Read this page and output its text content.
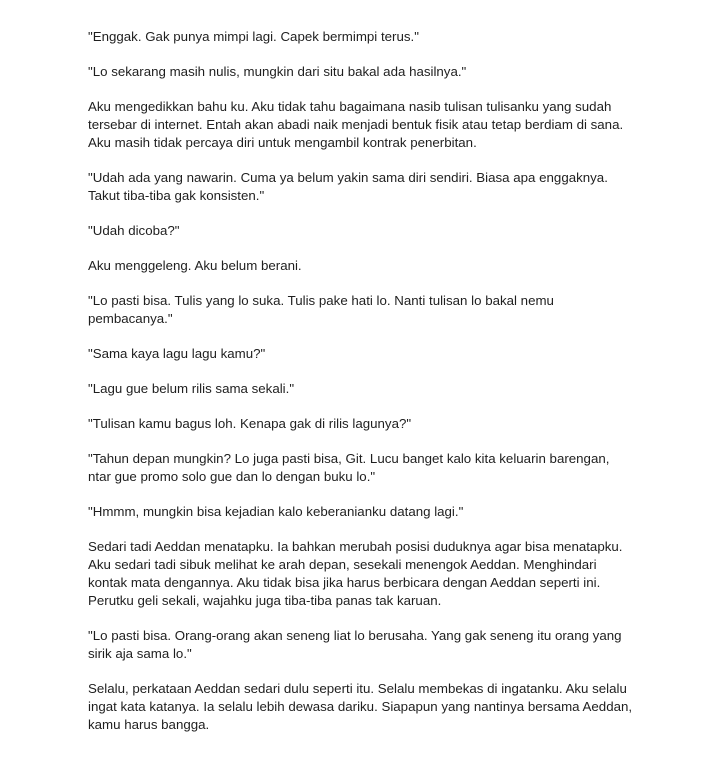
"Enggak. Gak punya mimpi lagi. Capek bermimpi terus."

"Lo sekarang masih nulis, mungkin dari situ bakal ada hasilnya."

Aku mengedikkan bahu ku. Aku tidak tahu bagaimana nasib tulisan tulisanku yang sudah
tersebar di internet. Entah akan abadi naik menjadi bentuk fisik atau tetap berdiam di sana.
Aku masih tidak percaya diri untuk mengambil kontrak penerbitan.

"Udah ada yang nawarin. Cuma ya belum yakin sama diri sendiri. Biasa apa enggaknya.
Takut tiba-tiba gak konsisten."

"Udah dicoba?"

Aku menggeleng. Aku belum berani.

"Lo pasti bisa. Tulis yang lo suka. Tulis pake hati lo. Nanti tulisan lo bakal nemu
pembacanya."

"Sama kaya lagu lagu kamu?"

"Lagu gue belum rilis sama sekali."

"Tulisan kamu bagus loh. Kenapa gak di rilis lagunya?"

"Tahun depan mungkin? Lo juga pasti bisa, Git. Lucu banget kalo kita keluarin barengan,
ntar gue promo solo gue dan lo dengan buku lo."

"Hmmm, mungkin bisa kejadian kalo keberanianku datang lagi."

Sedari tadi Aeddan menatapku. Ia bahkan merubah posisi duduknya agar bisa menatapku.
Aku sedari tadi sibuk melihat ke arah depan, sesekali menengok Aeddan. Menghindari
kontak mata dengannya. Aku tidak bisa jika harus berbicara dengan Aeddan seperti ini.
Perutku geli sekali, wajahku juga tiba-tiba panas tak karuan.

"Lo pasti bisa. Orang-orang akan seneng liat lo berusaha. Yang gak seneng itu orang yang
sirik aja sama lo."

Selalu, perkataan Aeddan sedari dulu seperti itu. Selalu membekas di ingatanku. Aku selalu
ingat kata katanya. Ia selalu lebih dewasa dariku. Siapapun yang nantinya bersama Aeddan,
kamu harus bangga.
